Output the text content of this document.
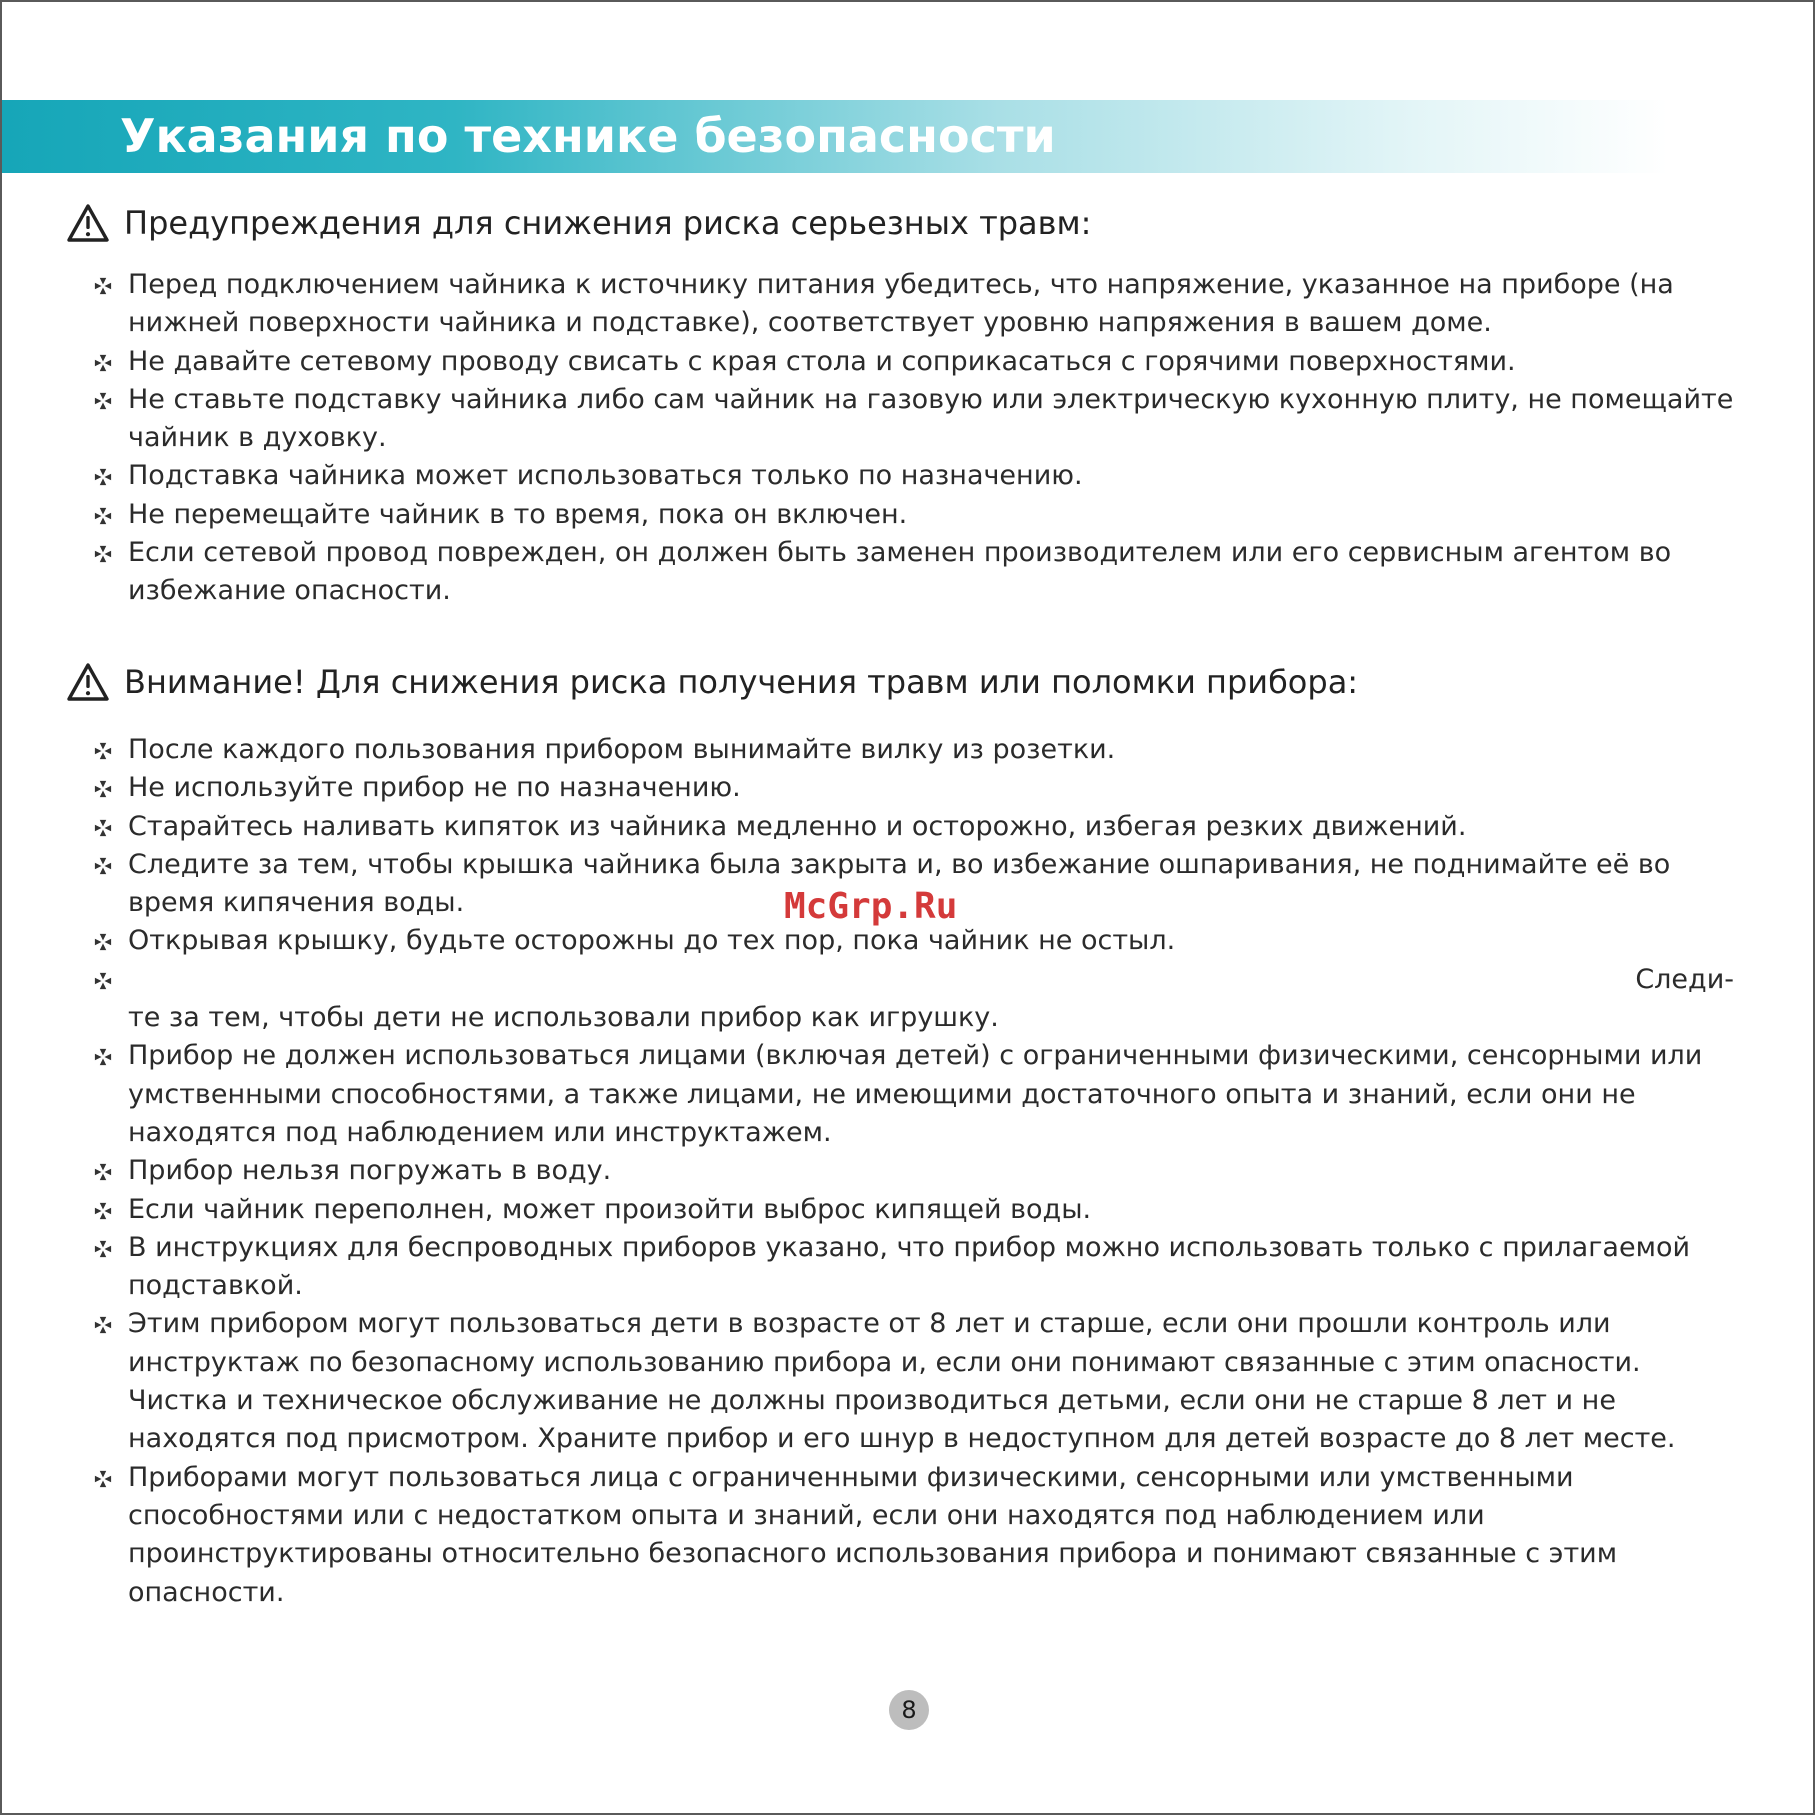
Указания по технике безопасности
Предупреждения для снижения риска серьезных травм:
Перед подключением чайника к источнику питания убедитесь, что напряжение, указанное на приборе (на нижней поверхности чайника и подставке), соответствует уровню напряжения в вашем доме.
Не давайте сетевому проводу свисать с края стола и соприкасаться с горячими поверхностями.
Не ставьте подставку чайника либо сам чайник на газовую или электрическую кухонную плиту, не помещайте чайник в духовку.
Подставка чайника может использоваться только по назначению.
Не перемещайте чайник в то время, пока он включен.
Если сетевой провод поврежден, он должен быть заменен производителем или его сервисным агентом во избежание опасности.
Внимание! Для снижения риска получения травм или поломки прибора:
После каждого пользования прибором вынимайте вилку из розетки.
Не используйте прибор не по назначению.
Старайтесь наливать кипяток из чайника медленно и осторожно, избегая резких движений.
Следите за тем, чтобы крышка чайника была закрыта и, во избежание ошпаривания, не поднимайте её во время кипячения воды.
Открывая крышку, будьте осторожны до тех пор, пока чайник не остыл.
Следи-
те за тем, чтобы дети не использовали прибор как игрушку.
Прибор не должен использоваться лицами (включая детей) с ограниченными физическими, сенсорными или умственными способностями, а также лицами, не имеющими достаточного опыта и знаний, если они не находятся под наблюдением или инструктажем.
Прибор нельзя погружать в воду.
Если чайник переполнен, может произойти выброс кипящей воды.
В инструкциях для беспроводных приборов указано, что прибор можно использовать только с прилагаемой подставкой.
Этим прибором могут пользоваться дети в возрасте от 8 лет и старше, если они прошли контроль или инструктаж по безопасному использованию прибора и, если они понимают связанные с этим опасности. Чистка и техническое обслуживание не должны производиться детьми, если они не старше 8 лет и не находятся под присмотром. Храните прибор и его шнур в недоступном для детей возрасте до 8 лет месте.
Приборами могут пользоваться лица с ограниченными физическими, сенсорными или умственными способностями или с недостатком опыта и знаний, если они находятся под наблюдением или проинструктированы относительно безопасного использования прибора и понимают связанные с этим опасности.
McGrp.Ru
8
